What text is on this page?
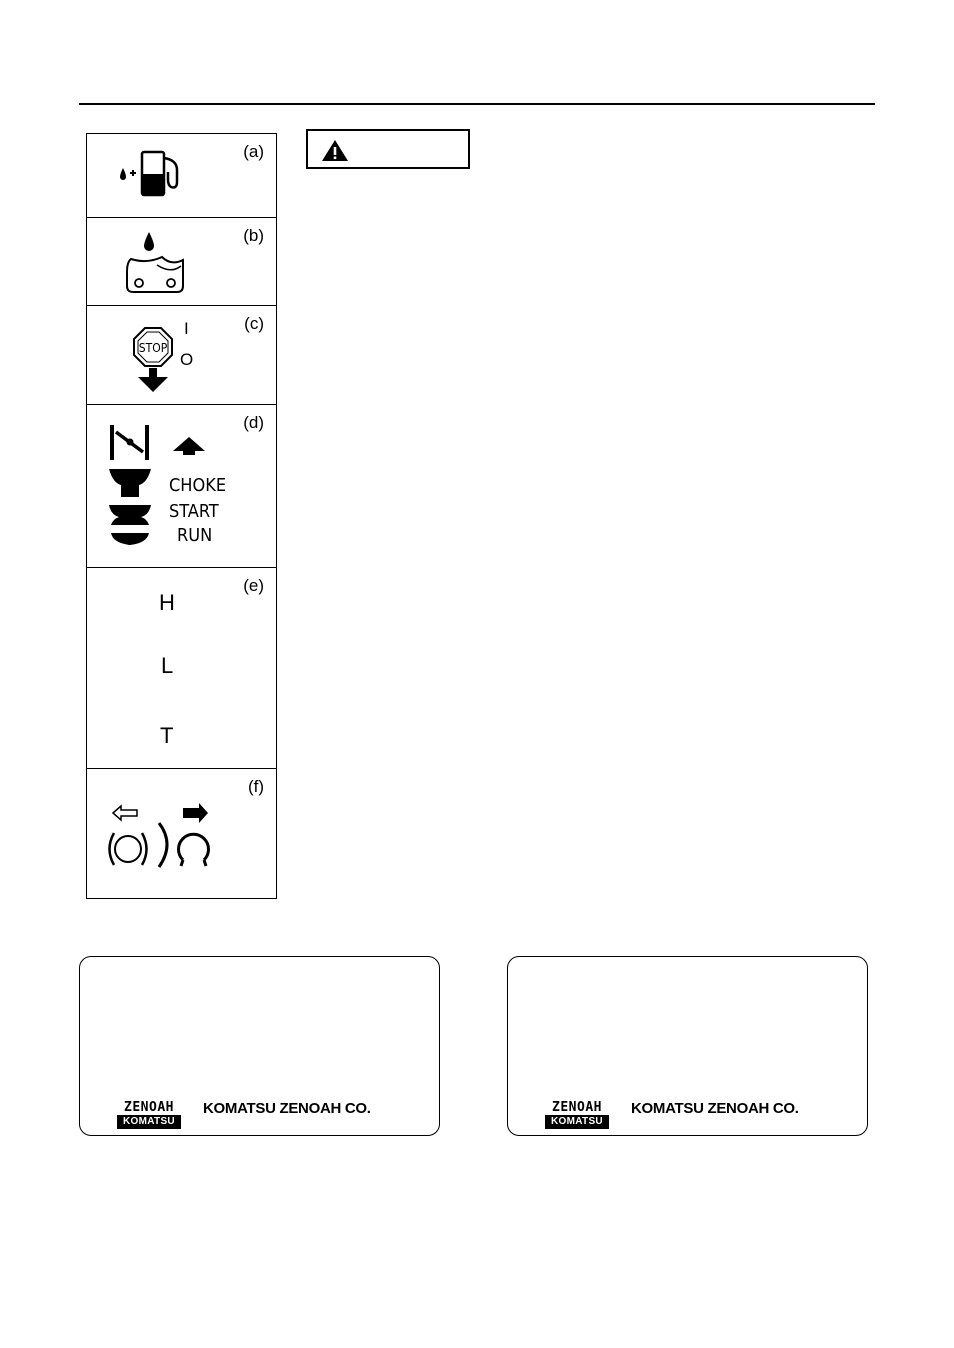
(a)
(b)
STOP
I
O
(c)
CHOKE
START
RUN
(d)
H
L
T
(e)
(f)
ZENOAH
KOMATSU
KOMATSU ZENOAH CO.	ZENOAH
KOMATSU
KOMATSU ZENOAH CO.
